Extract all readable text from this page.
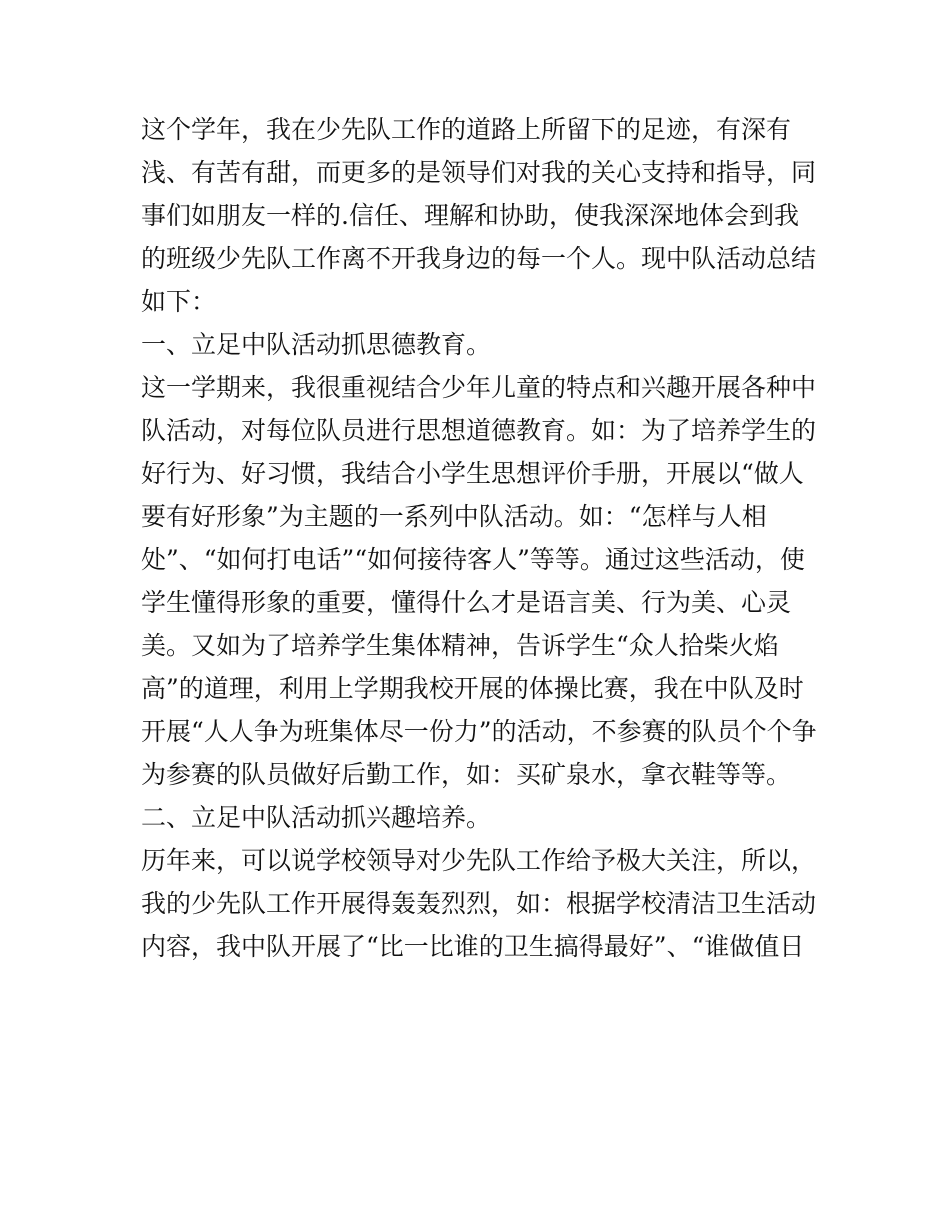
这个学年，我在少先队工作的道路上所留下的足迹，有深有
浅、有苦有甜，而更多的是领导们对我的关心支持和指导，同
事们如朋友一样的.信任、理解和协助，使我深深地体会到我
的班级少先队工作离不开我身边的每一个人。现中队活动总结
如下：
一、立足中队活动抓思德教育。
这一学期来，我很重视结合少年儿童的特点和兴趣开展各种中
队活动，对每位队员进行思想道德教育。如：为了培养学生的
好行为、好习惯，我结合小学生思想评价手册，开展以“做人
要有好形象”为主题的一系列中队活动。如：“怎样与人相
处”、“如何打电话”“如何接待客人”等等。通过这些活动，使
学生懂得形象的重要，懂得什么才是语言美、行为美、心灵
美。又如为了培养学生集体精神，告诉学生“众人拾柴火焰
高”的道理，利用上学期我校开展的体操比赛，我在中队及时
开展“人人争为班集体尽一份力”的活动，不参赛的队员个个争
为参赛的队员做好后勤工作，如：买矿泉水，拿衣鞋等等。
二、立足中队活动抓兴趣培养。
历年来，可以说学校领导对少先队工作给予极大关注，所以，
我的少先队工作开展得轰轰烈烈，如：根据学校清洁卫生活动
内容，我中队开展了“比一比谁的卫生搞得最好”、“谁做值日
